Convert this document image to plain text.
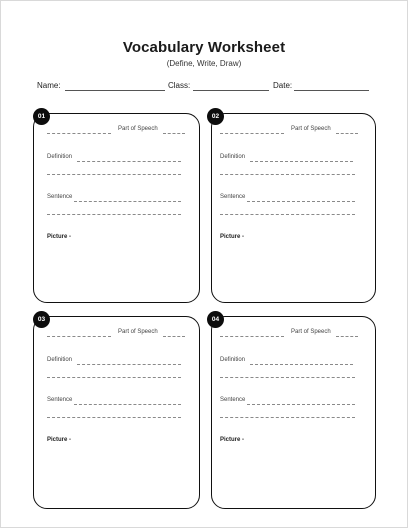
Vocabulary Worksheet
(Define, Write, Draw)
Name:	Class:	Date:
01
Part of Speech
Definition
Sentence
Picture -
02
Part of Speech
Definition
Sentence
Picture -
03
Part of Speech
Definition
Sentence
Picture -
04
Part of Speech
Definition
Sentence
Picture -
